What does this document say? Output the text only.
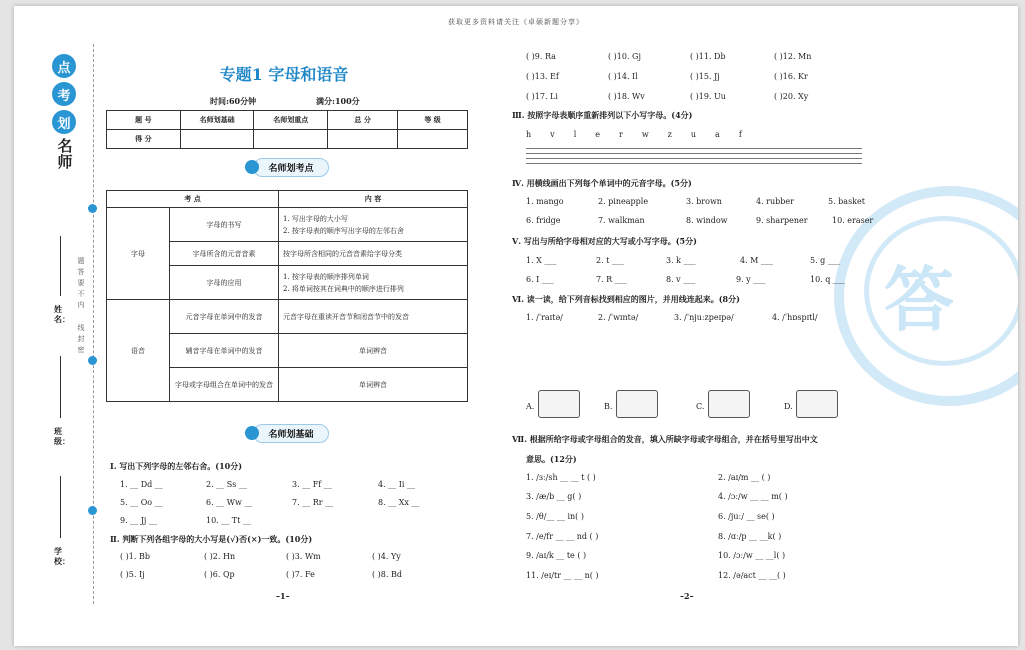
获取更多资料请关注《卓硕新题分享》
答
点
考
划
名师
姓名：
班级：
学校：
题
答
要
不
内
线
封
密
专题1 字母和语音
时间:60分钟	满分:100分
题 号	名师划基础	名师划重点	总 分	等 级
得 分				
名师划考点
考 点		内 容
字母	字母的书写	1. 写出字母的大小写
2. 按字母表的顺序写出字母的左邻右舍
	字母所含的元音音素	按字母所含相同的元音音素给字母分类
	字母的应用	1. 按字母表的顺序排列单词
2. 将单词按其在词典中的顺序进行排列
语音	元音字母在单词中的发音	元音字母在重读开音节和闭音节中的发音
	辅音字母在单词中的发音	单词辨音
	字母或字母组合在单词中的发音	单词辨音
名师划基础
Ⅰ. 写出下列字母的左邻右舍。(10分)
1. __ Dd __	2. __ Ss __	3. __ Ff __	4. __ Ii __
5. __ Oo __	6. __ Ww __	7. __ Rr __	8. __ Xx __
9. __ Jj __	10. __ Tt __
Ⅱ. 判断下列各组字母的大小写是(√)否(×)一致。(10分)
( )1. Bb	( )2. Hn	( )3. Wm	( )4. Yy
( )5. Ij	( )6. Qp	( )7. Fe	( )8. Bd
–1–
( )9. Ra	( )10. Gj	( )11. Db	( )12. Mn
( )13. Ef	( )14. Il	( )15. Jj	( )16. Kr
( )17. Li	( )18. Wv	( )19. Uu	( )20. Xy
Ⅲ. 按照字母表顺序重新排列以下小写字母。(4分)
h v l e r w z u a f
Ⅳ. 用横线画出下列每个单词中的元音字母。(5分)
1. mango	2. pineapple	3. brown	4. rubber	5. basket
6. fridge	7. walkman	8. window	9. sharpener	10. eraser
Ⅴ. 写出与所给字母相对应的大写或小写字母。(5分)
1. X ___	2. t ___	3. k ___	4. M ___	5. g ___
6. I ___	7. R ___	8. v ___	9. y ___	10. q ___
Ⅵ. 读一读，给下列音标找到相应的图片，并用线连起来。(8分)
1. /ˈraɪtə/	2. /ˈwɪntə/	3. /ˈnjuːzpeɪpə/	4. /ˈhɒspɪtl/
A.	B.	C.	D.
Ⅶ. 根据所给字母或字母组合的发音，填入所缺字母或字母组合，并在括号里写出中文
意思。(12分)
1. /ɜː/sh __ __ t ( )	2. /aɪ/m __ ( )
3. /æ/b __ g( )	4. /ɔː/w __ __ m( )
5. /θ/__ __ in( )	6. /juː/ __ se( )
7. /e/fr __ __ nd ( )	8. /ɑː/p __ __k( )
9. /aɪ/k __ te ( )	10. /ɔː/w __ __l( )
11. /eɪ/tr __ __ n( )	12. /ə/act __ __( )
–2–
